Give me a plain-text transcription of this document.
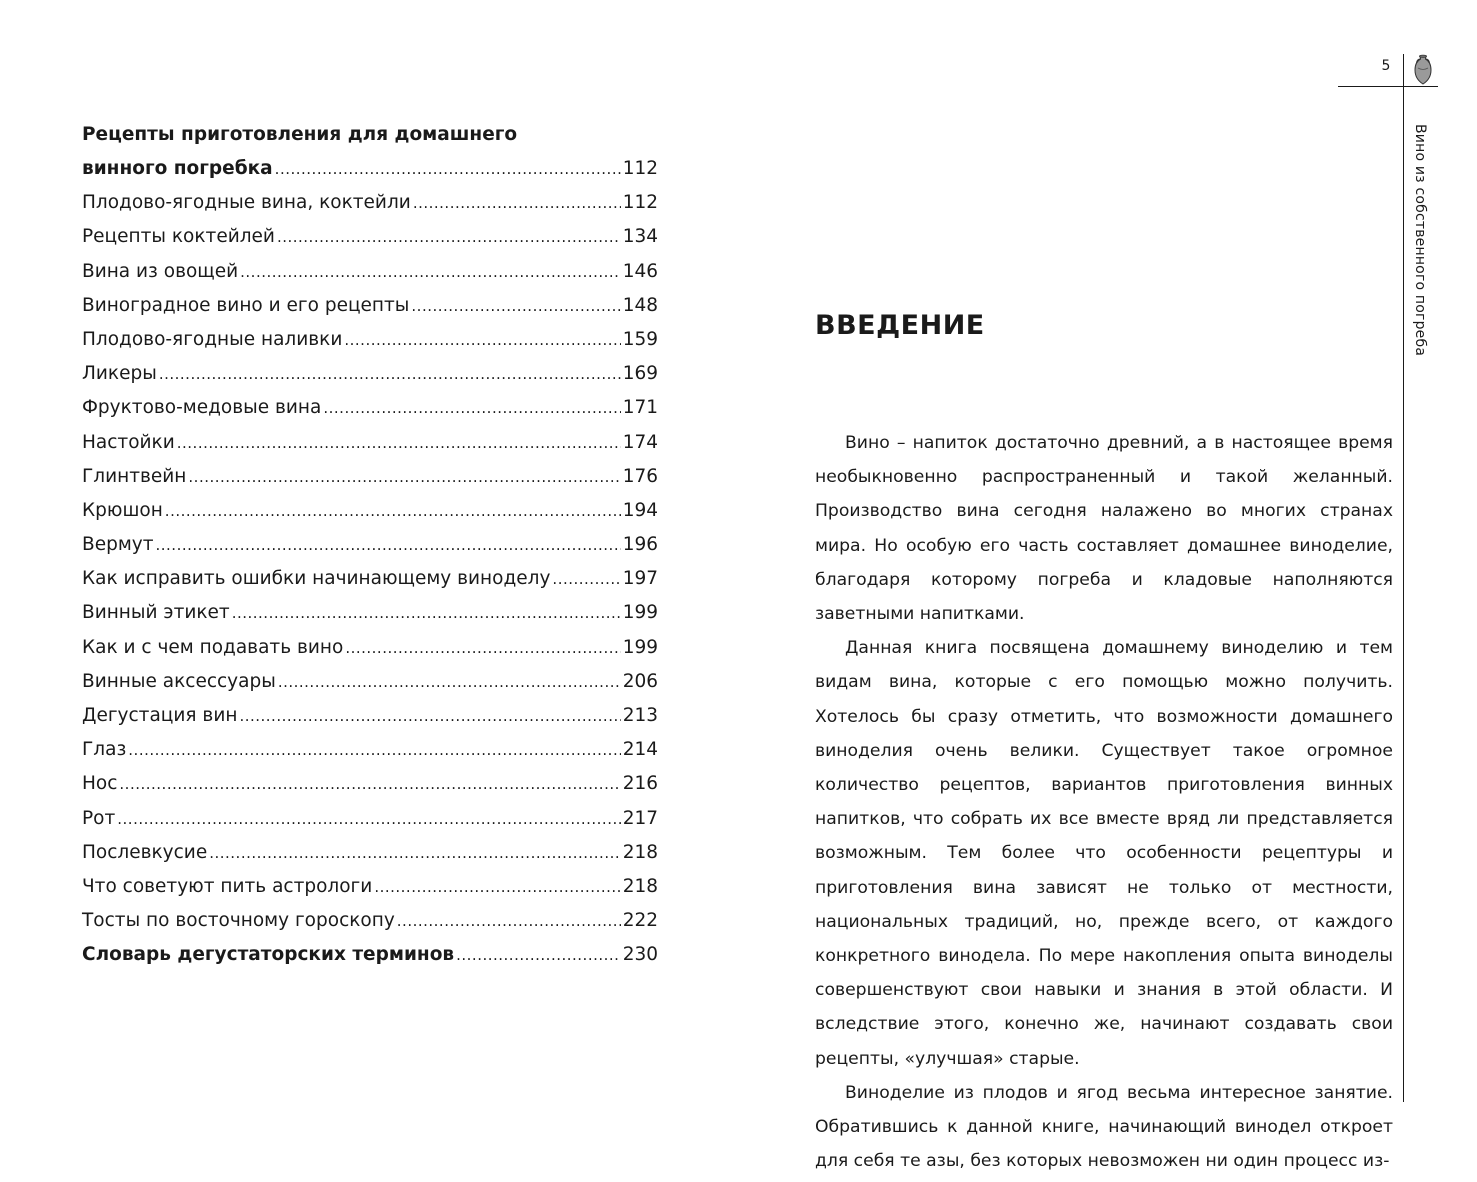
Рецепты приготовления для домашнего
винного погребка .....	112
Плодово-ягодные вина, коктейли .....	112
Рецепты коктейлей .....	134
Вина из овощей .....	146
Виноградное вино и его рецепты .....	148
Плодово-ягодные наливки .....	159
Ликеры .....	169
Фруктово-медовые вина .....	171
Настойки .....	174
Глинтвейн .....	176
Крюшон .....	194
Вермут .....	196
Как исправить ошибки начинающему виноделу .....	197
Винный этикет .....	199
Как и с чем подавать вино .....	199
Винные аксессуары .....	206
Дегустация вин .....	213
Глаз .....	214
Нос .....	216
Рот .....	217
Послевкусие .....	218
Что советуют пить астрологи .....	218
Тосты по восточному гороскопу .....	222
Словарь дегустаторских терминов .....	230
5
Вино из собственного погреба
ВВЕДЕНИЕ

Вино – напиток достаточно древний, а в настоящее время необыкновенно распространенный и такой желанный. Производство вина сегодня налажено во многих странах мира. Но особую его часть составляет домашнее виноделие, благодаря которому погреба и кладовые наполняются заветными напитками.

Данная книга посвящена домашнему виноделию и тем видам вина, которые с его помощью можно получить. Хотелось бы сразу отметить, что возможности домашнего виноделия очень велики. Существует такое огромное количество рецептов, вариантов приготовления винных напитков, что собрать их все вместе вряд ли представляется возможным. Тем более что особенности рецептуры и приготовления вина зависят не только от местности, национальных традиций, но, прежде всего, от каждого конкретного винодела. По мере накопления опыта виноделы совершенствуют свои навыки и знания в этой области. И вследствие этого, конечно же, начинают создавать свои рецепты, «улучшая» старые.

Виноделие из плодов и ягод весьма интересное занятие. Обратившись к данной книге, начинающий винодел откроет для себя те азы, без которых невозможен ни один процесс из-
